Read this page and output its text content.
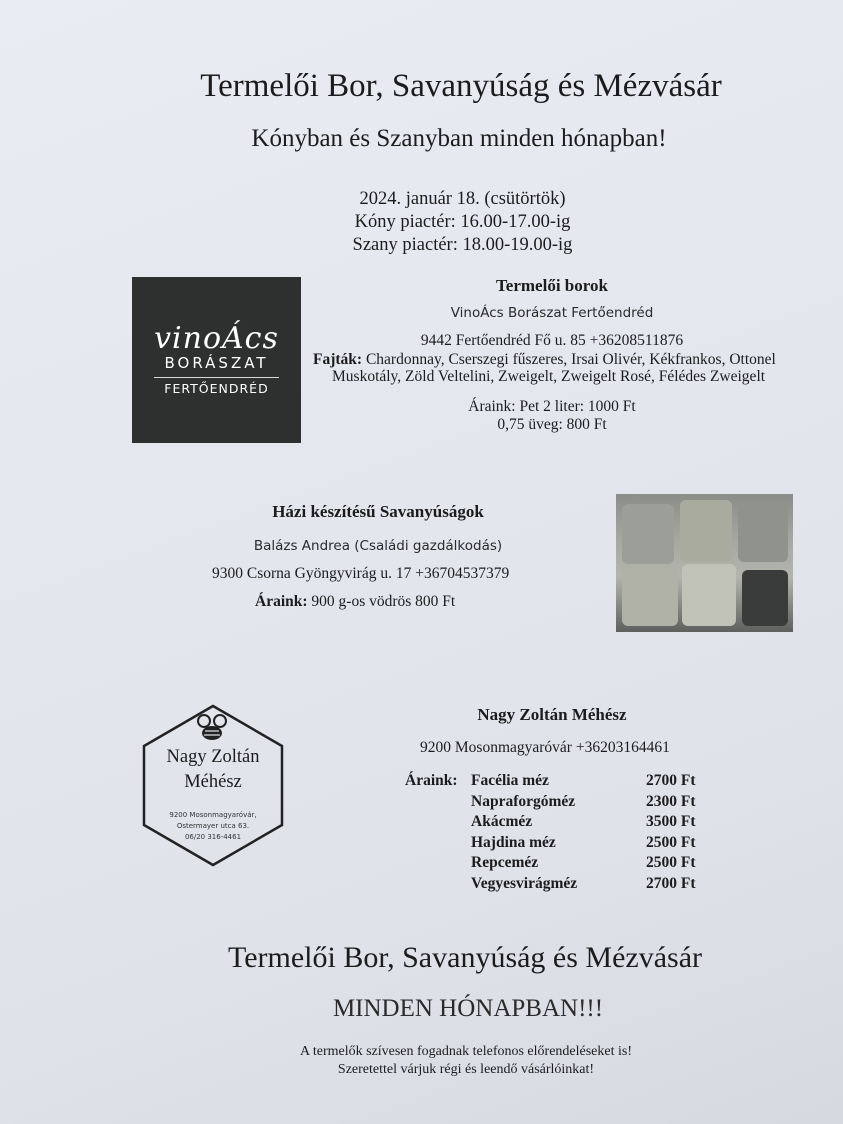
Termelői Bor, Savanyúság és Mézvásár
Kónyban és Szanyban minden hónapban!
2024. január 18. (csütörtök)
Kóny piactér: 16.00-17.00-ig
Szany piactér: 18.00-19.00-ig
vinoÁcs
BORÁSZAT
FERTŐENDRÉD
Termelői borok
VinoÁcs Borászat Fertőendréd
9442 Fertőendréd Fő u. 85 +36208511876
Fajták: Chardonnay, Cserszegi fűszeres, Irsai Olivér, Kékfrankos, Ottonel
Muskotály, Zöld Veltelini, Zweigelt, Zweigelt Rosé, Félédes Zweigelt
Áraink: Pet 2 liter: 1000 Ft
0,75 üveg: 800 Ft
Házi készítésű Savanyúságok
Balázs Andrea (Családi gazdálkodás)
9300 Csorna Gyöngyvirág u. 17 +36704537379
Áraink: 900 g-os vödrös 800 Ft
Nagy Zoltán
Méhész
9200 Mosonmagyaróvár,
Ostermayer utca 63.
06/20 316-4461
Nagy Zoltán Méhész
9200 Mosonmagyaróvár +36203164461
Áraink: Facélia méz	2700 Ft
Napraforgóméz	2300 Ft
Akácméz	3500 Ft
Hajdina méz	2500 Ft
Repceméz	2500 Ft
Vegyesvirágméz	2700 Ft
Termelői Bor, Savanyúság és Mézvásár
MINDEN HÓNAPBAN!!!
A termelők szívesen fogadnak telefonos előrendeléseket is!
Szeretettel várjuk régi és leendő vásárlóinkat!
